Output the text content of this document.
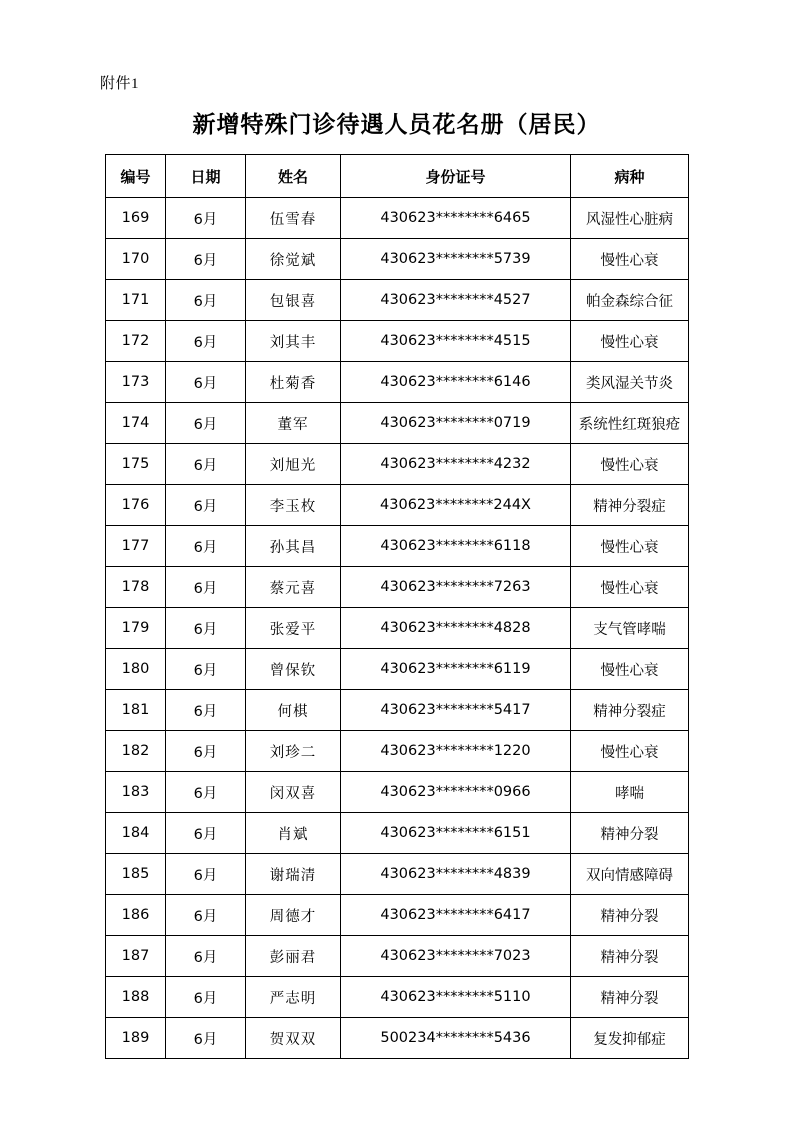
附件1
新增特殊门诊待遇人员花名册（居民）
编号	日期	姓名	身份证号	病种
169	6月	伍雪春	430623********6465	风湿性心脏病
170	6月	徐觉斌	430623********5739	慢性心衰
171	6月	包银喜	430623********4527	帕金森综合征
172	6月	刘其丰	430623********4515	慢性心衰
173	6月	杜菊香	430623********6146	类风湿关节炎
174	6月	董军	430623********0719	系统性红斑狼疮
175	6月	刘旭光	430623********4232	慢性心衰
176	6月	李玉枚	430623********244X	精神分裂症
177	6月	孙其昌	430623********6118	慢性心衰
178	6月	蔡元喜	430623********7263	慢性心衰
179	6月	张爱平	430623********4828	支气管哮喘
180	6月	曾保钦	430623********6119	慢性心衰
181	6月	何棋	430623********5417	精神分裂症
182	6月	刘珍二	430623********1220	慢性心衰
183	6月	闵双喜	430623********0966	哮喘
184	6月	肖斌	430623********6151	精神分裂
185	6月	谢瑞清	430623********4839	双向情感障碍
186	6月	周德才	430623********6417	精神分裂
187	6月	彭丽君	430623********7023	精神分裂
188	6月	严志明	430623********5110	精神分裂
189	6月	贺双双	500234********5436	复发抑郁症
